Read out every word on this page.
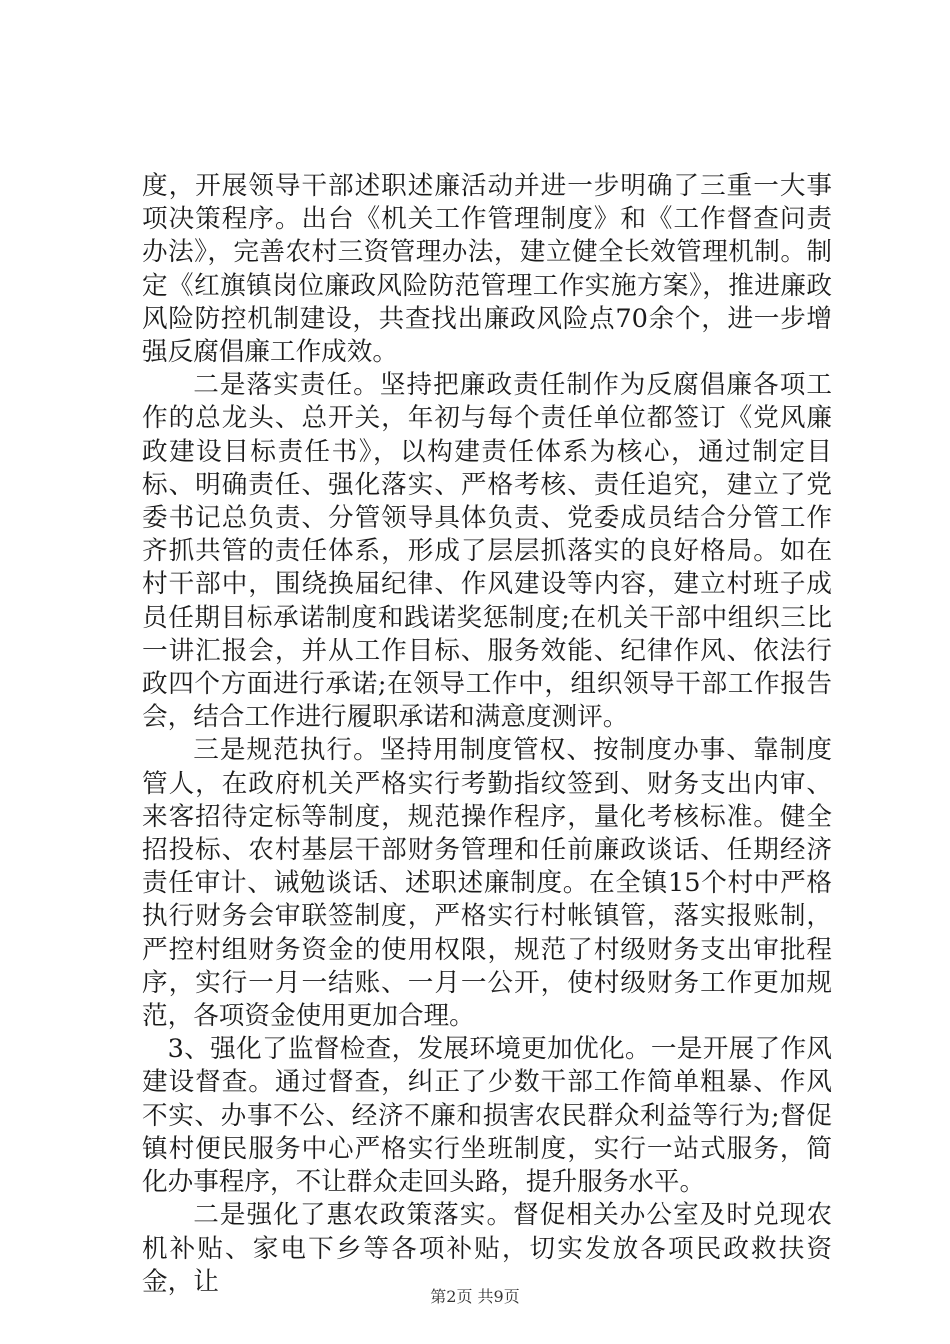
度，开展领导干部述职述廉活动并进一步明确了三重一大事项决策程序。出台《机关工作管理制度》和《工作督查问责办法》，完善农村三资管理办法，建立健全长效管理机制。制定《红旗镇岗位廉政风险防范管理工作实施方案》，推进廉政风险防控机制建设，共查找出廉政风险点70余个，进一步增强反腐倡廉工作成效。

二是落实责任。坚持把廉政责任制作为反腐倡廉各项工作的总龙头、总开关，年初与每个责任单位都签订《党风廉政建设目标责任书》，以构建责任体系为核心，通过制定目标、明确责任、强化落实、严格考核、责任追究，建立了党委书记总负责、分管领导具体负责、党委成员结合分管工作齐抓共管的责任体系，形成了层层抓落实的良好格局。如在村干部中，围绕换届纪律、作风建设等内容，建立村班子成员任期目标承诺制度和践诺奖惩制度;在机关干部中组织三比一讲汇报会，并从工作目标、服务效能、纪律作风、依法行政四个方面进行承诺;在领导工作中，组织领导干部工作报告会，结合工作进行履职承诺和满意度测评。

三是规范执行。坚持用制度管权、按制度办事、靠制度管人，在政府机关严格实行考勤指纹签到、财务支出内审、来客招待定标等制度，规范操作程序，量化考核标准。健全招投标、农村基层干部财务管理和任前廉政谈话、任期经济责任审计、诫勉谈话、述职述廉制度。在全镇15个村中严格执行财务会审联签制度，严格实行村帐镇管，落实报账制，严控村组财务资金的使用权限，规范了村级财务支出审批程序，实行一月一结账、一月一公开，使村级财务工作更加规范，各项资金使用更加合理。

3、强化了监督检查，发展环境更加优化。一是开展了作风建设督查。通过督查，纠正了少数干部工作简单粗暴、作风不实、办事不公、经济不廉和损害农民群众利益等行为;督促镇村便民服务中心严格实行坐班制度，实行一站式服务，简化办事程序，不让群众走回头路，提升服务水平。

二是强化了惠农政策落实。督促相关办公室及时兑现农机补贴、家电下乡等各项补贴，切实发放各项民政救扶资金，让	第2页 共9页
